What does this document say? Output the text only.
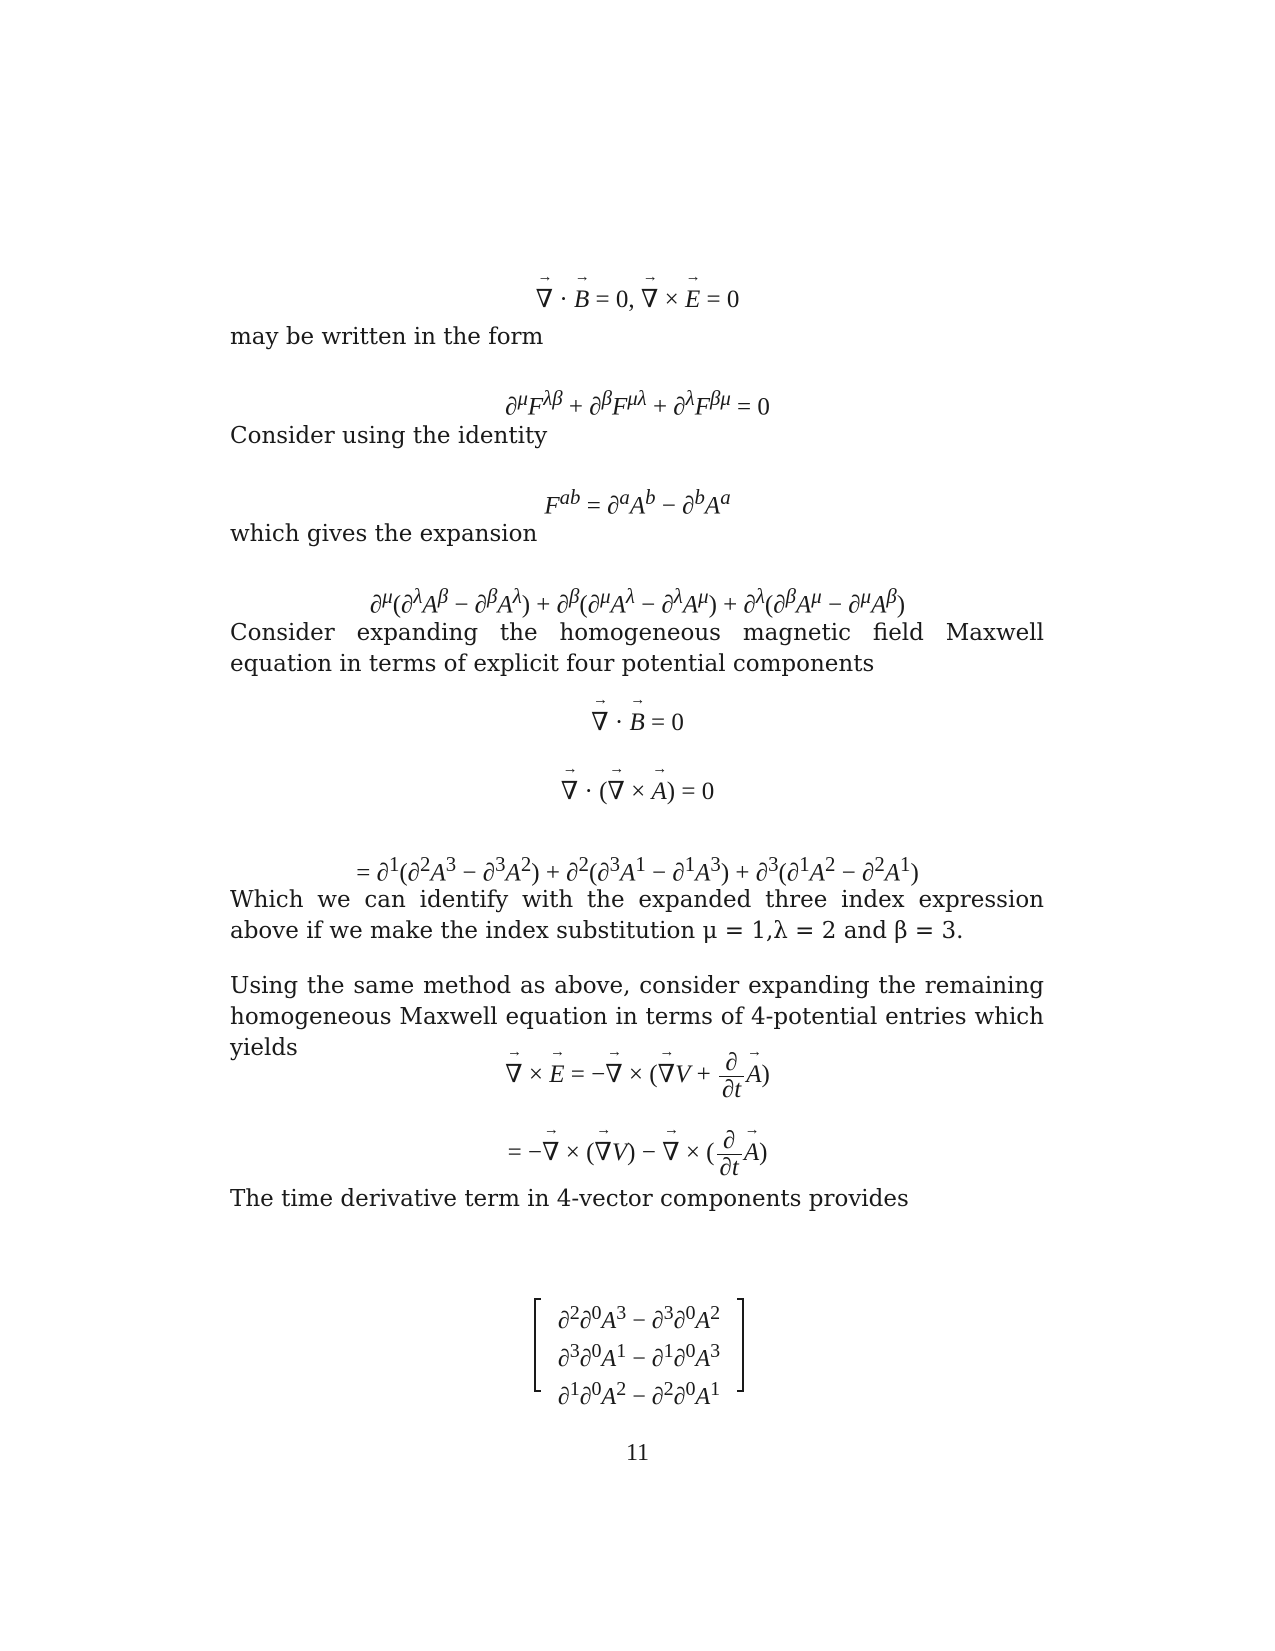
→ ∇ · → B = 0, → ∇ × → E = 0
may be written in the form
$\partial^\mu F^{\lambda\beta} + \partial^\beta F^{\mu\lambda} + \partial^\lambda F^{\beta\mu} = 0$
Consider using the identity
$F^{ab} = \partial^aA^b - \partial^bA^a$
which gives the expansion
$\partial^\mu(\partial^\lambda A^\beta - \partial^\beta A^\lambda) + \partial^\beta(\partial^\mu A^\lambda - \partial^\lambda A^\mu) + \partial^\lambda(\partial^\beta A^\mu - \partial^\mu A^\beta)$
Consider expanding the homogeneous magnetic field Maxwell equation in terms of explicit four potential components
→ ∇ · → B = 0
→ ∇ · (→ ∇ × → A) = 0
= $\partial^1(\partial^2A^3 - \partial^3A^2) + \partial^2(\partial^3A^1 - \partial^1A^3) + \partial^3(\partial^1A^2 - \partial^2A^1)$
Which we can identify with the expanded three index expression above if we make the index substitution μ = 1,λ = 2 and β = 3.
Using the same method as above, consider expanding the remaining homogeneous Maxwell equation in terms of 4-potential entries which yields
→ ∇ × → E = −→ ∇ × (→ $\nabla V + \frac{\partial}{\partial t}$
→ A)
= −→ ∇ × (→ ∇V) − → ∇ × ( $\frac{\partial}{\partial t}$
→ A)
The time derivative term in 4-vector components provides
$\partial^2\partial^0A^3 - \partial^3\partial^0A^2$
$\partial^3\partial^0A^1 - \partial^1\partial^0A^3$
$\partial^1\partial^0A^2 - \partial^2\partial^0A^1$
11
